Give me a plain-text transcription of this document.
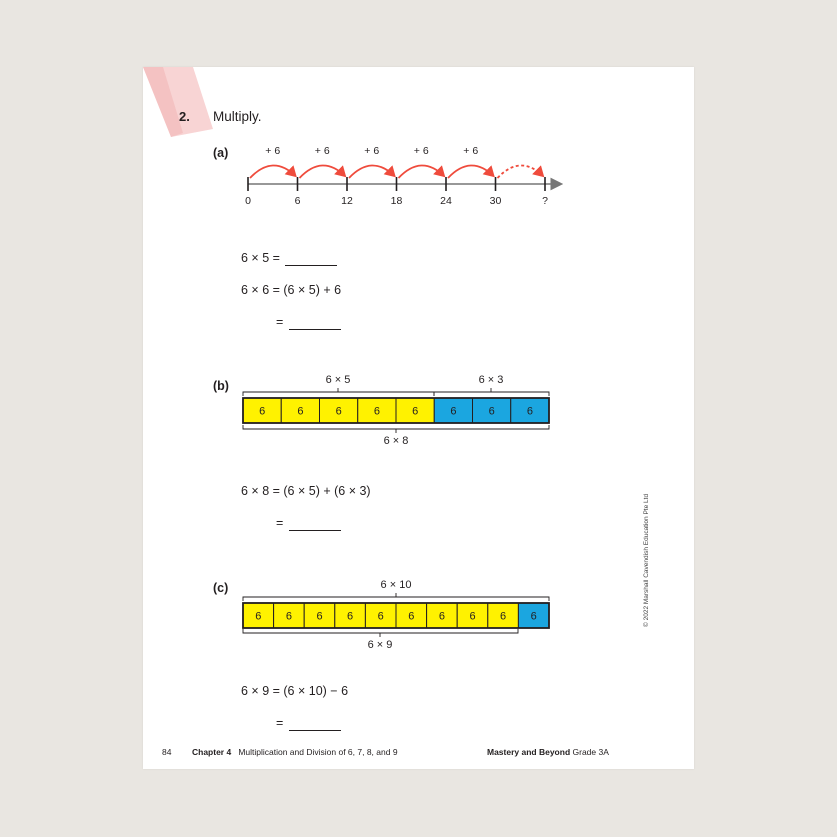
2. Multiply.
(a)	+ 6	+ 6	+ 6	+ 6	+ 6
0	6	12	18	24	30	?
6 × 5 =
6 × 6 = (6 × 5) + 6
=
(b)	6 × 5	6 × 3
6	6	6	6	6	6	6	6
6 × 8
6 × 8 = (6 × 5) + (6 × 3)
=
(c)	6 × 10
6 6 6 6 6 6 6 6 6 6
6 × 9
6 × 9 = (6 × 10) − 6
=
© 2022 Marshall Cavendish Education Pte Ltd
84 Chapter 4 Multiplication and Division of 6, 7, 8, and 9	Mastery and Beyond Grade 3A
